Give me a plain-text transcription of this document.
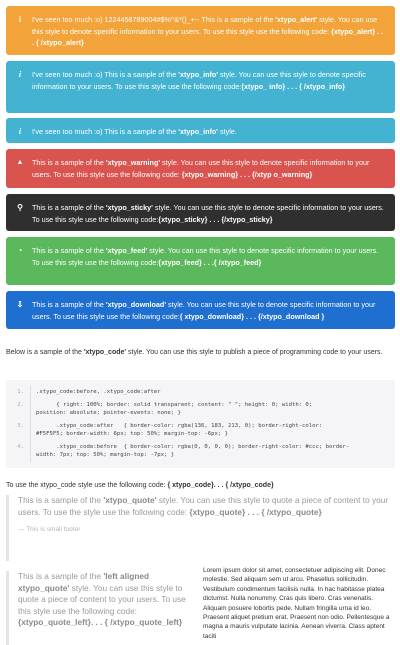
i	I've seen too much :o) 1224458789004#$%^&*()_+-- This is a sample of the 'xtypo_alert' style. You can use this style to denote specific information to your users. To use this style use the following code: {xtypo_alert} . . . { /xtypo_alert}
i	I've seen too much :o) This is a sample of the 'xtypo_info' style. You can use this style to denote specific information to your users. To use this style use the following code:{xtypo_ info} . . . { /xtypo_info}
i	I've seen too much :o) This is a sample of the 'xtypo_info' style.
▲ This is a sample of the 'xtypo_warning' style. You can use this style to denote specific information to your users. To use this style use the following code: {xtypo_warning} . . . {/xtyp o_warning}
⚲ This is a sample of the 'xtypo_sticky' style. You can use this style to denote specific information to your users. To use this style use the following code:{xtypo_sticky} . . . {/xtypo_sticky}
◔	This is a sample of the 'xtypo_feed' style. You can use this style to denote specific information to your users.
To use this style use the following code:{xtypo_feed} . . .{ /xtypo_feed}
⇩ This is a sample of the 'xtypo_download' style. You can use this style to denote specific information to your users. To use this style use the following code:{ xtypo_download} . . . {/xtypo_download }
Below is a sample of the 'xtypo_code' style. You can use this style to publish a piece of programming code to your users.
1. .xtypo_code:before, .xtypo_code:after
2.	{ right: 100%; border: solid transparent; content: " "; height: 0; width: 0;
position: absolute; pointer-events: none; }
3.	.xtypo_code:after   { border-color: rgba(136, 183, 213, 0); border-right-color:
#F5F5F5; border-width: 6px; top: 50%; margin-top: -6px; }
4.	.xtypo_code:before  { border-color: rgba(0, 0, 0, 0); border-right-color: #ccc; border-
width: 7px; top: 50%; margin-top: -7px; }
To use the xtypo_code style use the following code: { xtypo_code}. . . { /xtypo_code}
This is a sample of the 'xtypo_quote' style. You can use this style to quote a piece of content to your users. To use the style use the following code: {xtypo_quote} . . . { /xtypo_quote}
— This is small footer
This is a sample of the 'left aligned xtypo_quote' style. You can use this style to quote a piece of content to your users. To use this style use the following code: {xtypo_quote_left}. . . { /xtypo_quote_left}
Lorem ipsum dolor sit amet, consectetuer adipiscing elit. Donec molestie. Sed aliquam sem ut arcu. Phasellus sollicitudin. Vestibulum condimentum facilisis nulla. In hac habitasse platea dictumst. Nulla nonummy. Cras quis libero. Cras venenatis. Aliquam posuere lobortis pede. Nullam fringilla urna id leo. Praesent aliquet pretium erat. Praesent non odio. Pellentesque a magna a mauris vulputate lacinia. Aenean viverra. Class aptent taciti
